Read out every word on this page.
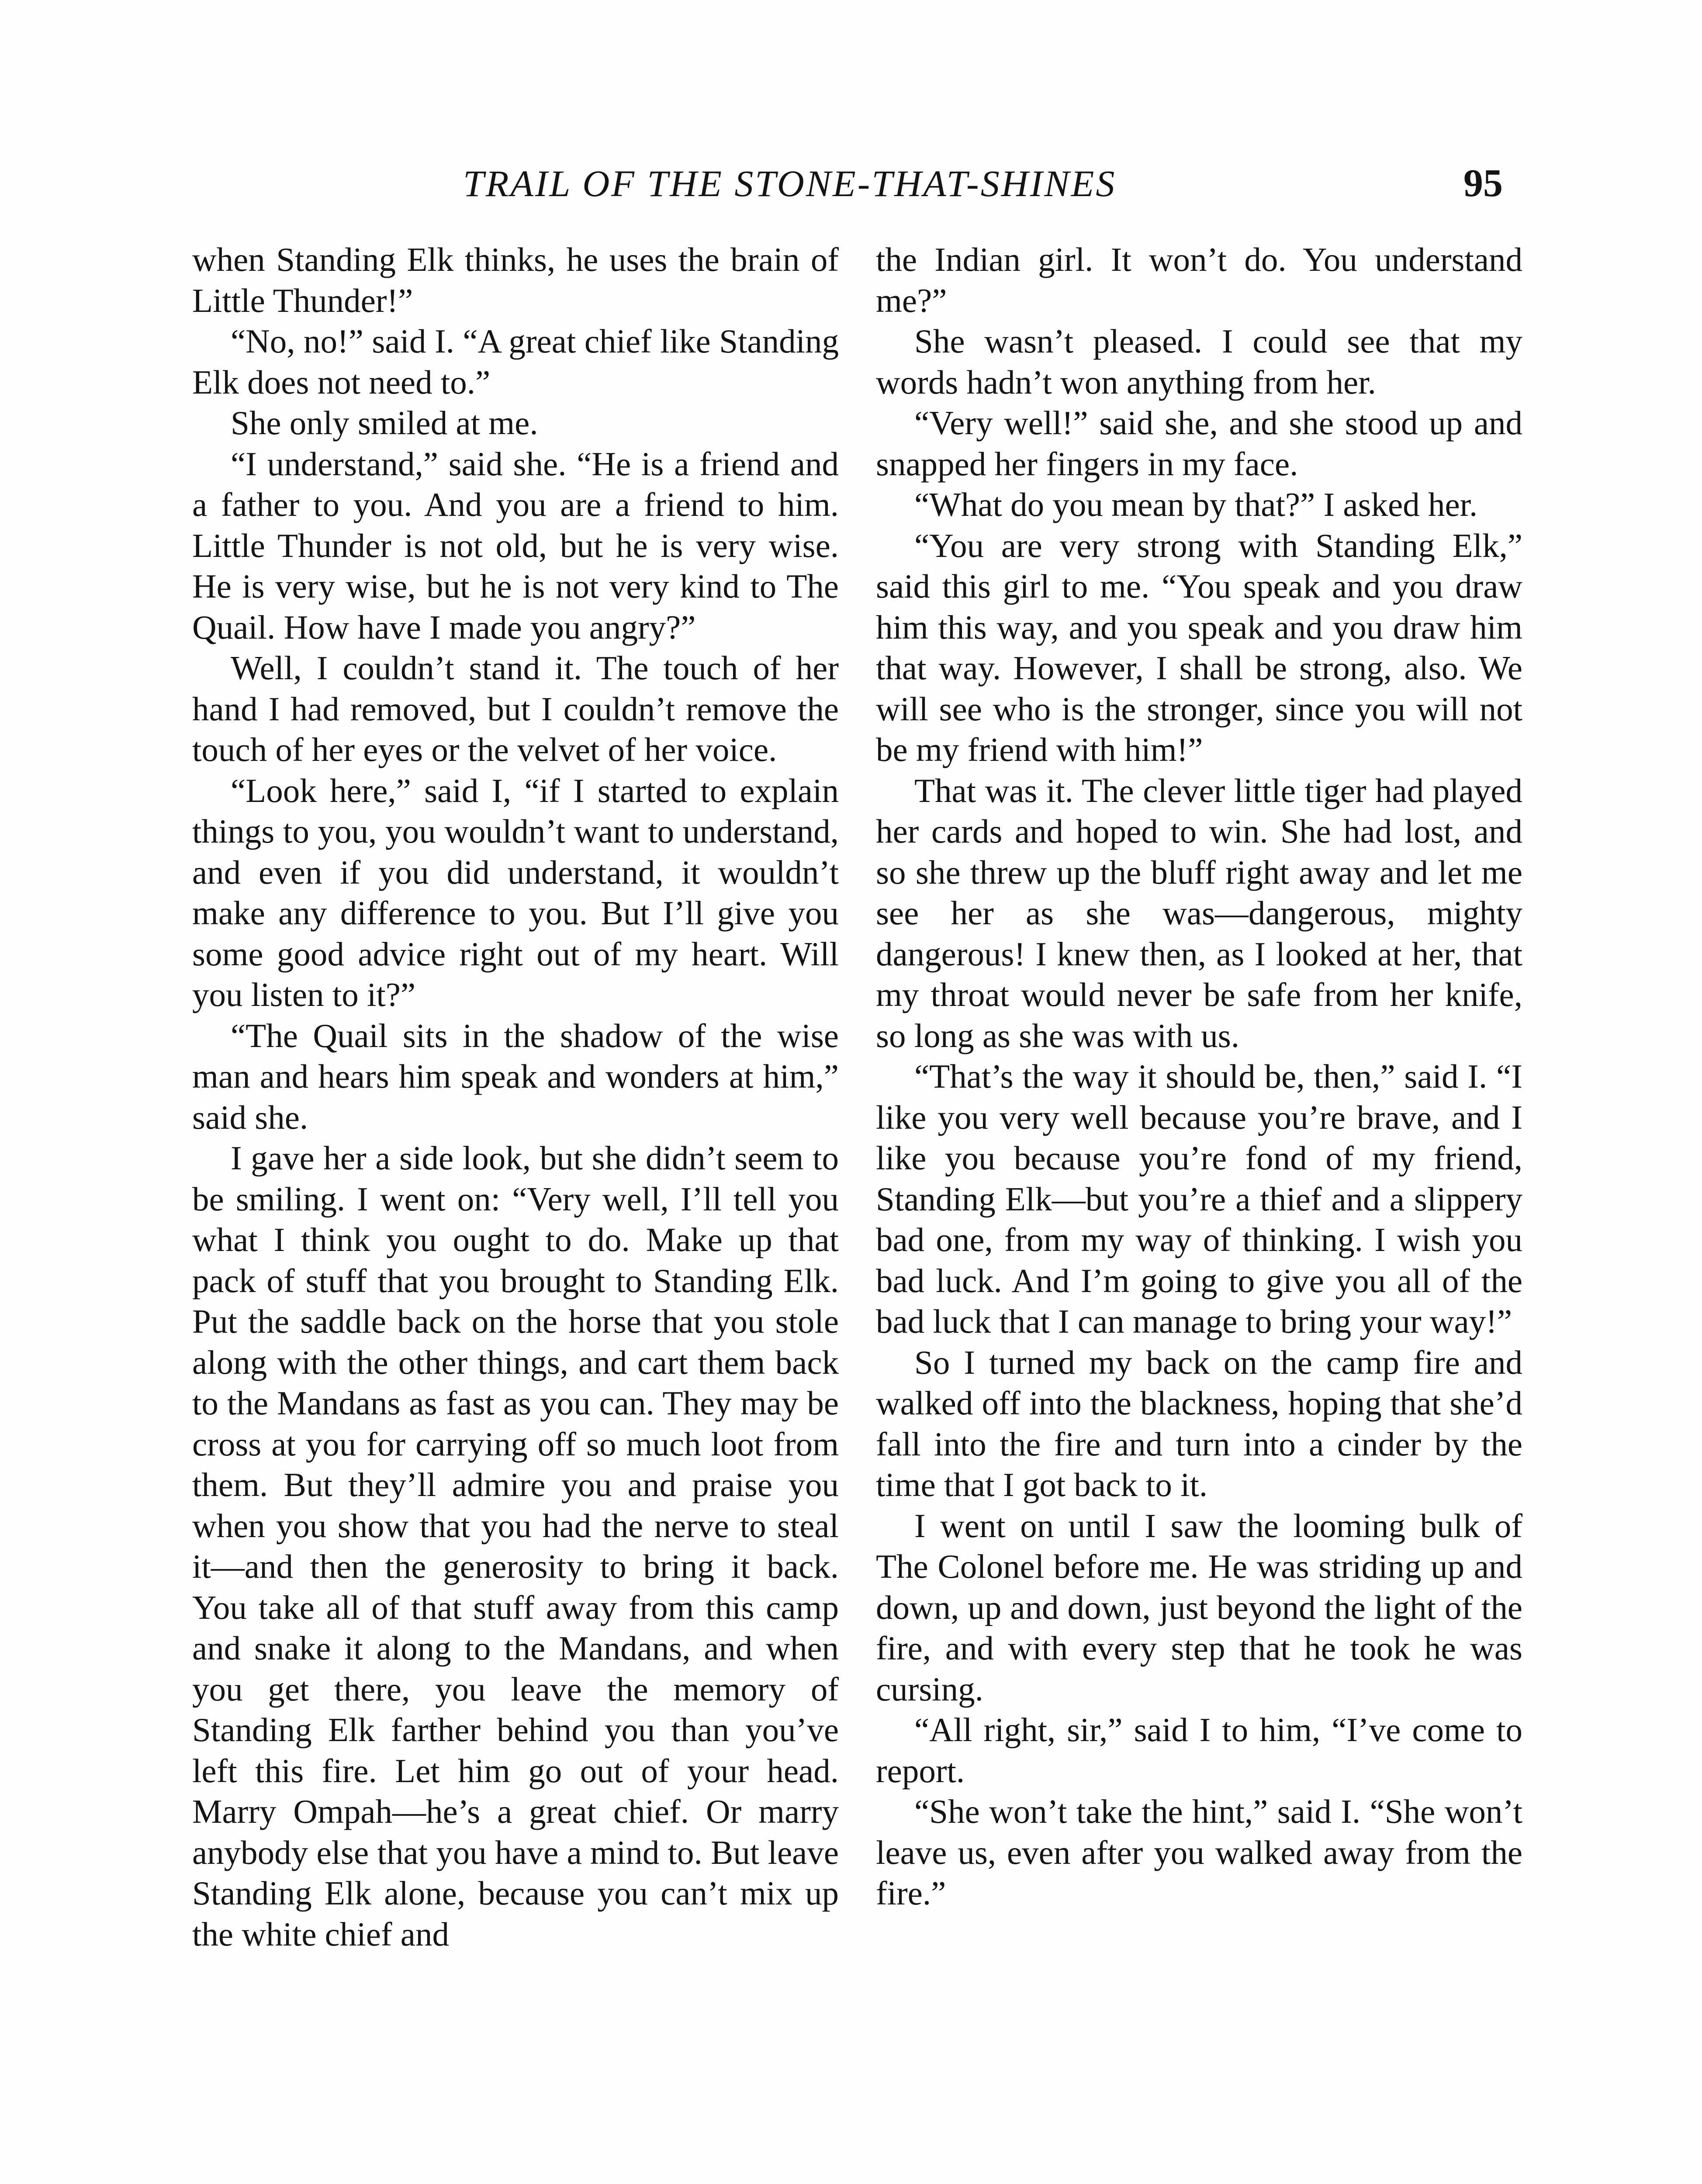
TRAIL OF THE STONE-THAT-SHINES	95

when Standing Elk thinks, he uses the brain of Little Thunder!”

“No, no!” said I. “A great chief like Standing Elk does not need to.”

She only smiled at me.

“I understand,” said she. “He is a friend and a father to you. And you are a friend to him. Little Thunder is not old, but he is very wise. He is very wise, but he is not very kind to The Quail. How have I made you angry?”

Well, I couldn’t stand it. The touch of her hand I had removed, but I couldn’t remove the touch of her eyes or the velvet of her voice.

“Look here,” said I, “if I started to explain things to you, you wouldn’t want to understand, and even if you did understand, it wouldn’t make any difference to you. But I’ll give you some good advice right out of my heart. Will you listen to it?”

“The Quail sits in the shadow of the wise man and hears him speak and wonders at him,” said she.

I gave her a side look, but she didn’t seem to be smiling. I went on: “Very well, I’ll tell you what I think you ought to do. Make up that pack of stuff that you brought to Standing Elk. Put the saddle back on the horse that you stole along with the other things, and cart them back to the Mandans as fast as you can. They may be cross at you for carrying off so much loot from them. But they’ll admire you and praise you when you show that you had the nerve to steal it—and then the generosity to bring it back. You take all of that stuff away from this camp and snake it along to the Mandans, and when you get there, you leave the memory of Standing Elk farther behind you than you’ve left this fire. Let him go out of your head. Marry Ompah—he’s a great chief. Or marry anybody else that you have a mind to. But leave Standing Elk alone, because you can’t mix up the white chief and

the Indian girl. It won’t do. You understand me?”

She wasn’t pleased. I could see that my words hadn’t won anything from her.

“Very well!” said she, and she stood up and snapped her fingers in my face.

“What do you mean by that?” I asked her.

“You are very strong with Standing Elk,” said this girl to me. “You speak and you draw him this way, and you speak and you draw him that way. However, I shall be strong, also. We will see who is the stronger, since you will not be my friend with him!”

That was it. The clever little tiger had played her cards and hoped to win. She had lost, and so she threw up the bluff right away and let me see her as she was—dangerous, mighty dangerous! I knew then, as I looked at her, that my throat would never be safe from her knife, so long as she was with us.

“That’s the way it should be, then,” said I. “I like you very well because you’re brave, and I like you because you’re fond of my friend, Standing Elk—but you’re a thief and a slippery bad one, from my way of thinking. I wish you bad luck. And I’m going to give you all of the bad luck that I can manage to bring your way!”

So I turned my back on the camp fire and walked off into the blackness, hoping that she’d fall into the fire and turn into a cinder by the time that I got back to it.

I went on until I saw the looming bulk of The Colonel before me. He was striding up and down, up and down, just beyond the light of the fire, and with every step that he took he was cursing.

“All right, sir,” said I to him, “I’ve come to report.

“She won’t take the hint,” said I. “She won’t leave us, even after you walked away from the fire.”
